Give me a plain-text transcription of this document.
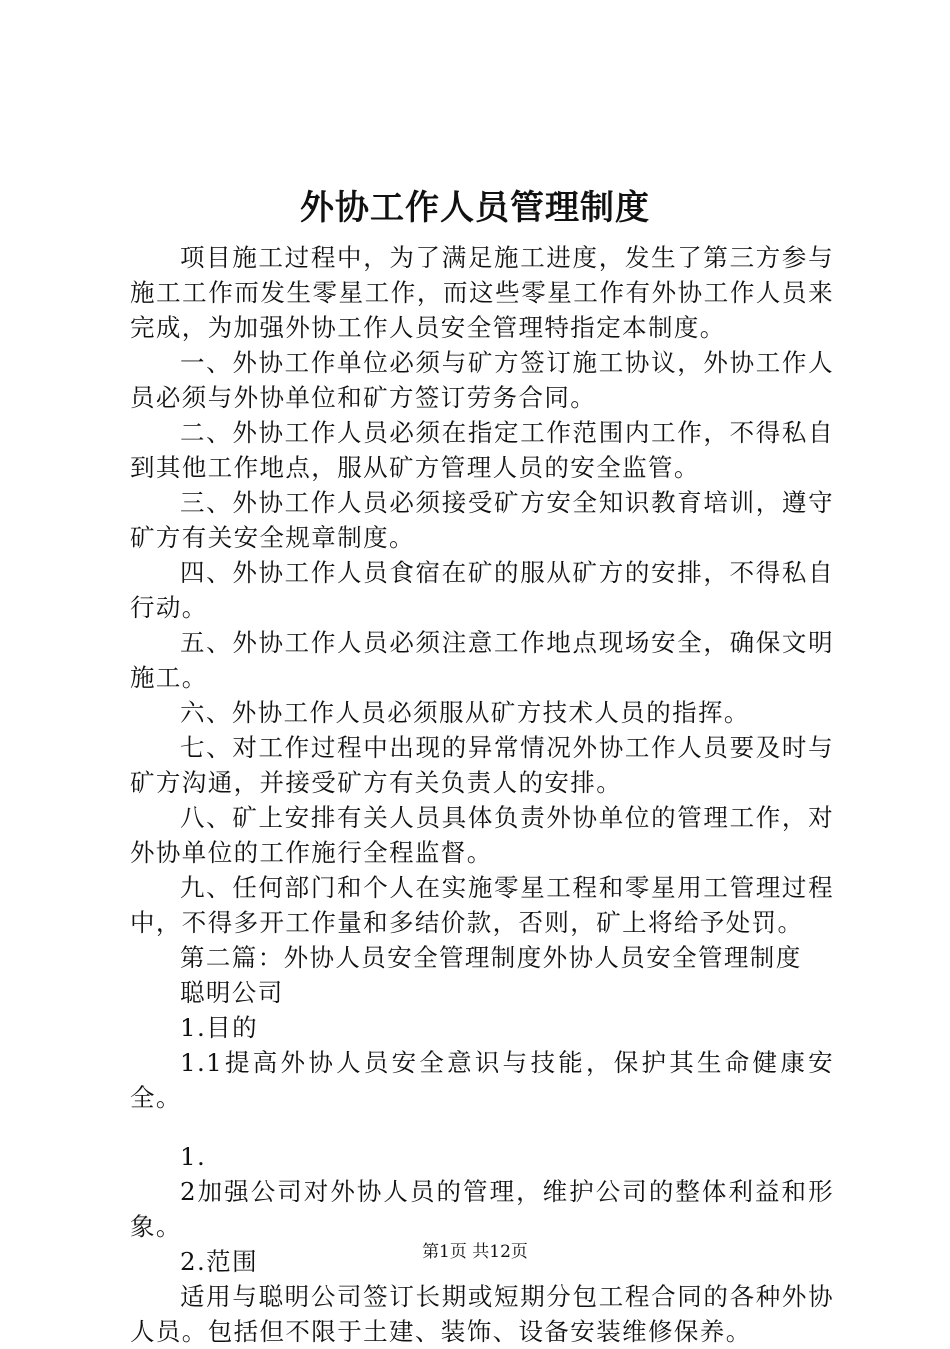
外协工作人员管理制度

项目施工过程中，为了满足施工进度，发生了第三方参与施工工作而发生零星工作，而这些零星工作有外协工作人员来完成，为加强外协工作人员安全管理特指定本制度。

一、外协工作单位必须与矿方签订施工协议，外协工作人员必须与外协单位和矿方签订劳务合同。

二、外协工作人员必须在指定工作范围内工作，不得私自到其他工作地点，服从矿方管理人员的安全监管。

三、外协工作人员必须接受矿方安全知识教育培训，遵守矿方有关安全规章制度。

四、外协工作人员食宿在矿的服从矿方的安排，不得私自行动。

五、外协工作人员必须注意工作地点现场安全，确保文明施工。

六、外协工作人员必须服从矿方技术人员的指挥。

七、对工作过程中出现的异常情况外协工作人员要及时与矿方沟通，并接受矿方有关负责人的安排。

八、矿上安排有关人员具体负责外协单位的管理工作，对外协单位的工作施行全程监督。

九、任何部门和个人在实施零星工程和零星用工管理过程中，不得多开工作量和多结价款，否则，矿上将给予处罚。

第二篇：外协人员安全管理制度外协人员安全管理制度

聪明公司

1.目的

1.1提高外协人员安全意识与技能，保护其生命健康安全。

1.

2加强公司对外协人员的管理，维护公司的整体利益和形象。

2.范围

适用与聪明公司签订长期或短期分包工程合同的各种外协人员。包括但不限于土建、装饰、设备安装维修保养。

第1页 共12页
